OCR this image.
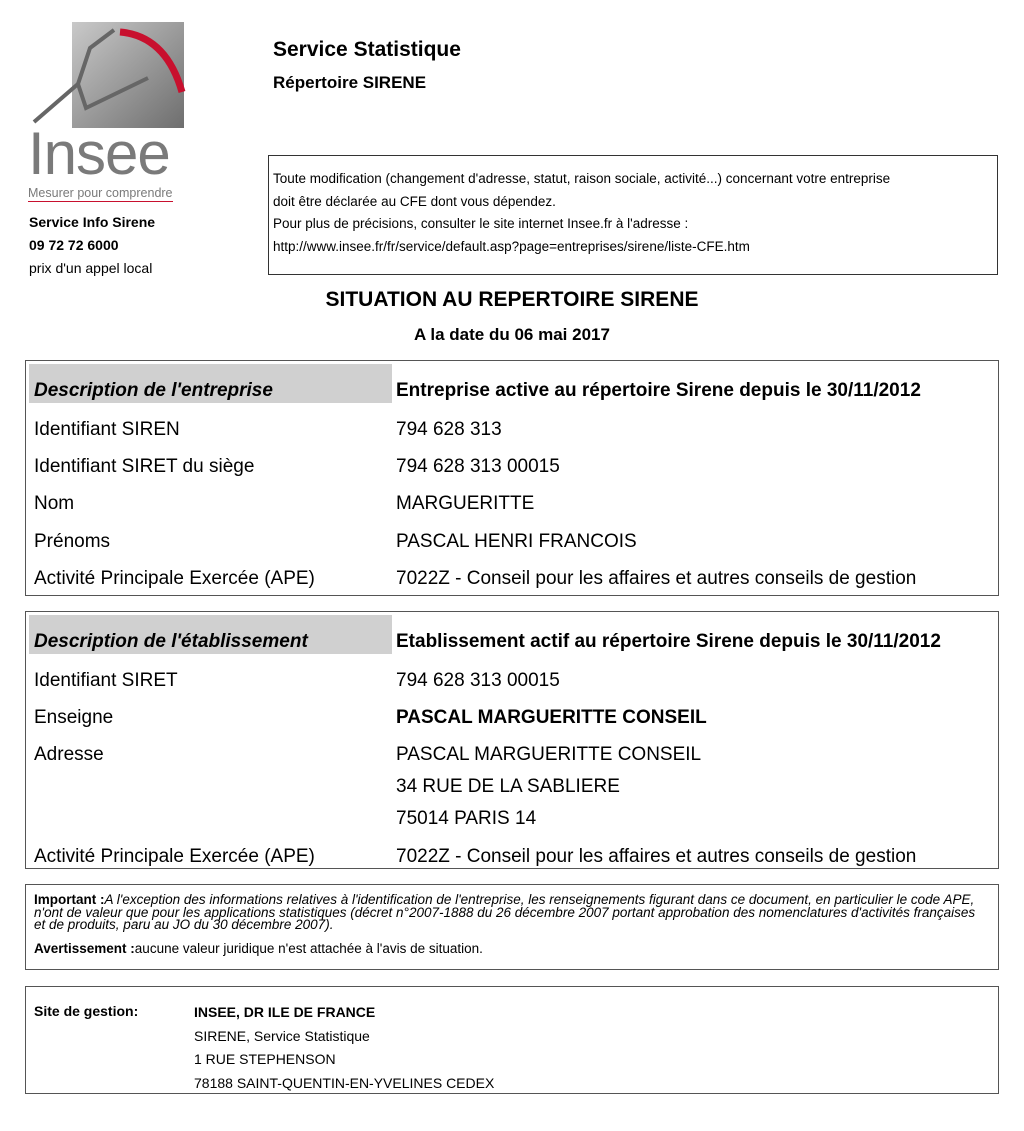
Insee
Mesurer pour comprendre
Service Info Sirene
09 72 72 6000
prix d'un appel local
Service Statistique
Répertoire SIRENE
Toute modification (changement d'adresse, statut, raison sociale, activité...) concernant votre entreprise
doit être déclarée au CFE dont vous dépendez.
Pour plus de précisions, consulter le site internet Insee.fr à l'adresse :
http://www.insee.fr/fr/service/default.asp?page=entreprises/sirene/liste-CFE.htm
SITUATION AU REPERTOIRE SIRENE
A la date du 06 mai 2017
Description de l'entreprise	Entreprise active au répertoire Sirene depuis le 30/11/2012
Identifiant SIREN	794 628 313
Identifiant SIRET du siège	794 628 313 00015
Nom	MARGUERITTE
Prénoms	PASCAL HENRI FRANCOIS
Activité Principale Exercée (APE)	7022Z - Conseil pour les affaires et autres conseils de gestion
Description de l'établissement	Etablissement actif au répertoire Sirene depuis le 30/11/2012
Identifiant SIRET	794 628 313 00015
Enseigne	PASCAL MARGUERITTE CONSEIL
Adresse	PASCAL MARGUERITTE CONSEIL
34 RUE DE LA SABLIERE
75014 PARIS 14
Activité Principale Exercée (APE)	7022Z - Conseil pour les affaires et autres conseils de gestion
Important :A l'exception des informations relatives à l'identification de l'entreprise, les renseignements figurant dans ce document, en particulier le code APE, n'ont de valeur que pour les applications statistiques (décret n°2007-1888 du 26 décembre 2007 portant approbation des nomenclatures d'activités françaises et de produits, paru au JO du 30 décembre 2007).
Avertissement :aucune valeur juridique n'est attachée à l'avis de situation.
Site de gestion:	INSEE, DR ILE DE FRANCE
SIRENE, Service Statistique
1 RUE STEPHENSON
78188 SAINT-QUENTIN-EN-YVELINES CEDEX
